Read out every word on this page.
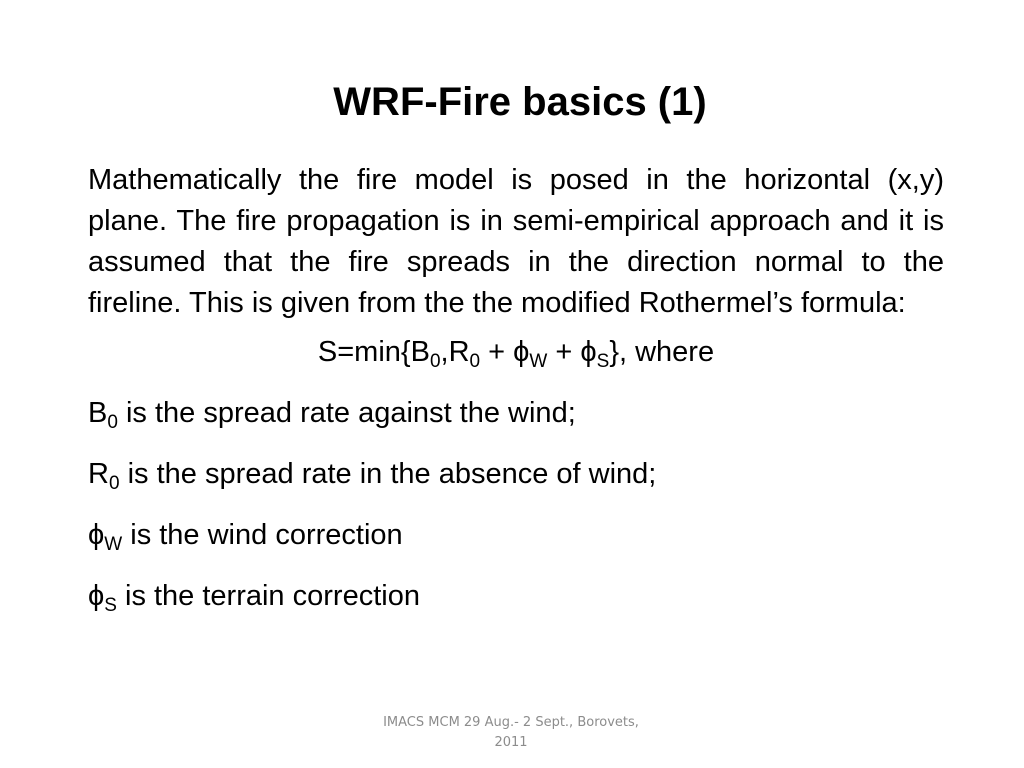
WRF-Fire basics (1)

Mathematically the fire model is posed in the horizontal (x,y) plane. The fire propagation is in semi-empirical approach and it is assumed that the fire spreads in the direction normal to the fireline. This is given from the the modified Rothermel’s formula:

$S=\min\{B_0,R_0 + \phi_W + \phi_S\}$, where
$B_0$ is the spread rate against the wind;
$R_0$ is the spread rate in the absence of wind;
$\phi_W$ is the wind correction
$\phi_S$ is the terrain correction
IMACS MCM 29 Aug.- 2 Sept., Borovets,
2011
